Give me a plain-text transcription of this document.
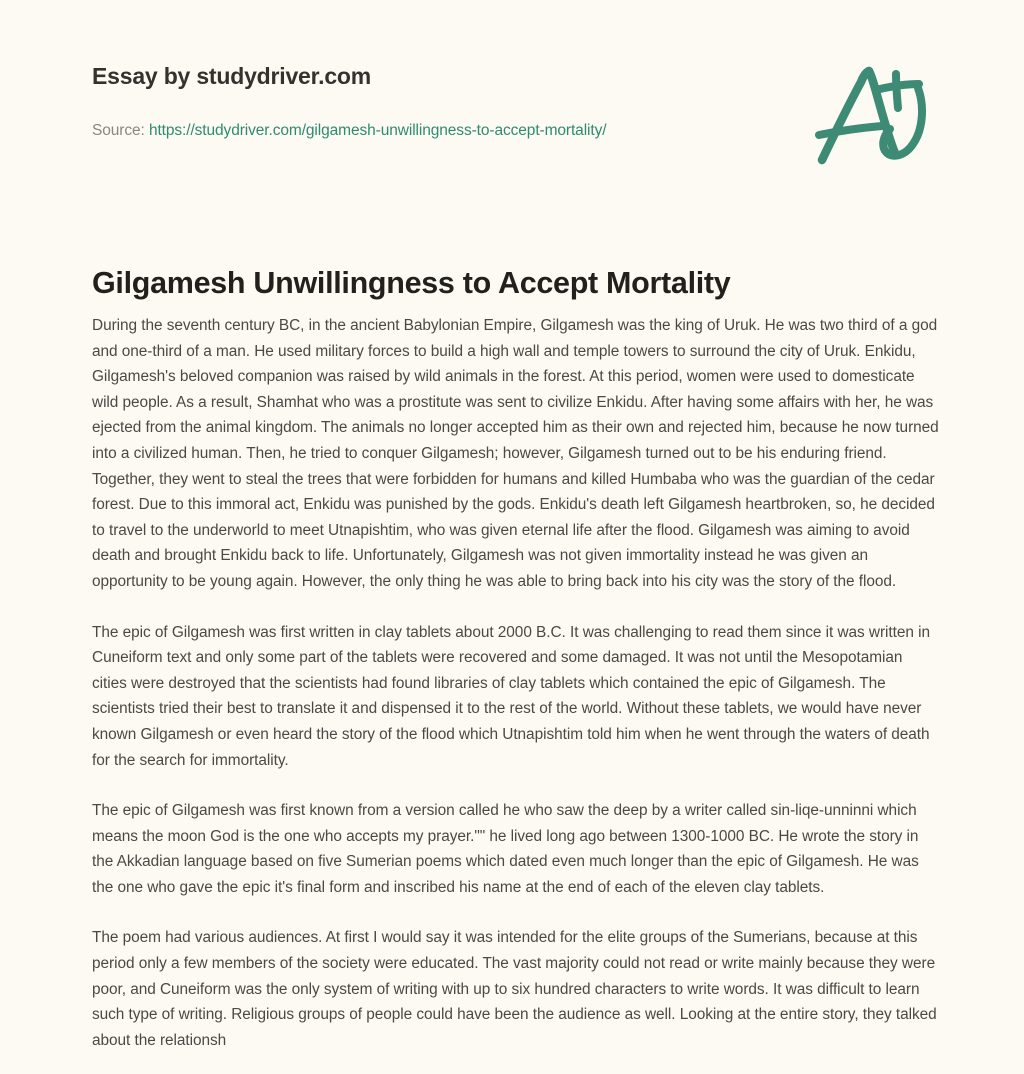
Essay by studydriver.com
Source: https://studydriver.com/gilgamesh-unwillingness-to-accept-mortality/
Gilgamesh Unwillingness to Accept Mortality

During the seventh century BC, in the ancient Babylonian Empire, Gilgamesh was the king of Uruk. He was two third of a god and one-third of a man. He used military forces to build a high wall and temple towers to surround the city of Uruk. Enkidu, Gilgamesh's beloved companion was raised by wild animals in the forest. At this period, women were used to domesticate wild people. As a result, Shamhat who was a prostitute was sent to civilize Enkidu. After having some affairs with her, he was ejected from the animal kingdom. The animals no longer accepted him as their own and rejected him, because he now turned into a civilized human. Then, he tried to conquer Gilgamesh; however, Gilgamesh turned out to be his enduring friend. Together, they went to steal the trees that were forbidden for humans and killed Humbaba who was the guardian of the cedar forest. Due to this immoral act, Enkidu was punished by the gods. Enkidu's death left Gilgamesh heartbroken, so, he decided to travel to the underworld to meet Utnapishtim, who was given eternal life after the flood. Gilgamesh was aiming to avoid death and brought Enkidu back to life. Unfortunately, Gilgamesh was not given immortality instead he was given an opportunity to be young again. However, the only thing he was able to bring back into his city was the story of the flood.

The epic of Gilgamesh was first written in clay tablets about 2000 B.C. It was challenging to read them since it was written in Cuneiform text and only some part of the tablets were recovered and some damaged. It was not until the Mesopotamian cities were destroyed that the scientists had found libraries of clay tablets which contained the epic of Gilgamesh. The scientists tried their best to translate it and dispensed it to the rest of the world. Without these tablets, we would have never known Gilgamesh or even heard the story of the flood which Utnapishtim told him when he went through the waters of death for the search for immortality.

The epic of Gilgamesh was first known from a version called he who saw the deep by a writer called sin-liqe-unninni which means the moon God is the one who accepts my prayer."" he lived long ago between 1300-1000 BC. He wrote the story in the Akkadian language based on five Sumerian poems which dated even much longer than the epic of Gilgamesh. He was the one who gave the epic it's final form and inscribed his name at the end of each of the eleven clay tablets.

The poem had various audiences. At first I would say it was intended for the elite groups of the Sumerians, because at this period only a few members of the society were educated. The vast majority could not read or write mainly because they were poor, and Cuneiform was the only system of writing with up to six hundred characters to write words. It was difficult to learn such type of writing. Religious groups of people could have been the audience as well. Looking at the entire story, they talked about the relationsh
